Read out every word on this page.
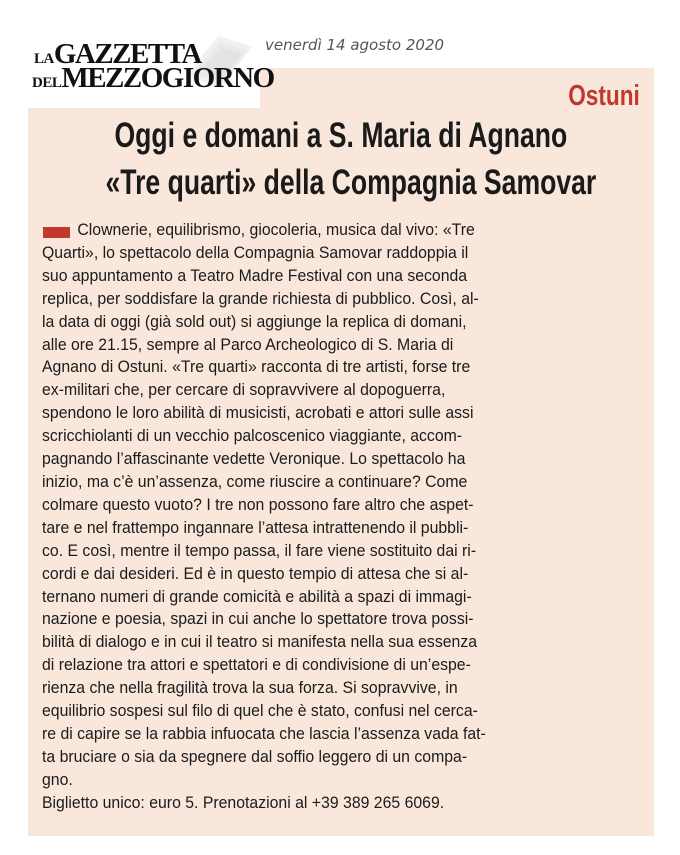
LAGAZZETTA
DELMEZZOGIORNO
venerdì 14 agosto 2020
Ostuni
Oggi e domani a S. Maria di Agnano
«Tre quarti» della Compagnia Samovar
Clownerie, equilibrismo, giocoleria, musica dal vivo: «Tre
Quarti», lo spettacolo della Compagnia Samovar raddoppia il
suo appuntamento a Teatro Madre Festival con una seconda
replica, per soddisfare la grande richiesta di pubblico. Così, al-
la data di oggi (già sold out) si aggiunge la replica di domani,
alle ore 21.15, sempre al Parco Archeologico di S. Maria di
Agnano di Ostuni. «Tre quarti» racconta di tre artisti, forse tre
ex-militari che, per cercare di sopravvivere al dopoguerra,
spendono le loro abilità di musicisti, acrobati e attori sulle assi
scricchiolanti di un vecchio palcoscenico viaggiante, accom-
pagnando l’affascinante vedette Veronique. Lo spettacolo ha
inizio, ma c’è un’assenza, come riuscire a continuare? Come
colmare questo vuoto? I tre non possono fare altro che aspet-
tare e nel frattempo ingannare l’attesa intrattenendo il pubbli-
co. E così, mentre il tempo passa, il fare viene sostituito dai ri-
cordi e dai desideri. Ed è in questo tempio di attesa che si al-
ternano numeri di grande comicità e abilità a spazi di immagi-
nazione e poesia, spazi in cui anche lo spettatore trova possi-
bilità di dialogo e in cui il teatro si manifesta nella sua essenza
di relazione tra attori e spettatori e di condivisione di un’espe-
rienza che nella fragilità trova la sua forza. Si sopravvive, in
equilibrio sospesi sul filo di quel che è stato, confusi nel cerca-
re di capire se la rabbia infuocata che lascia l’assenza vada fat-
ta bruciare o sia da spegnere dal soffio leggero di un compa-
gno.
Biglietto unico: euro 5. Prenotazioni al +39 389 265 6069.
